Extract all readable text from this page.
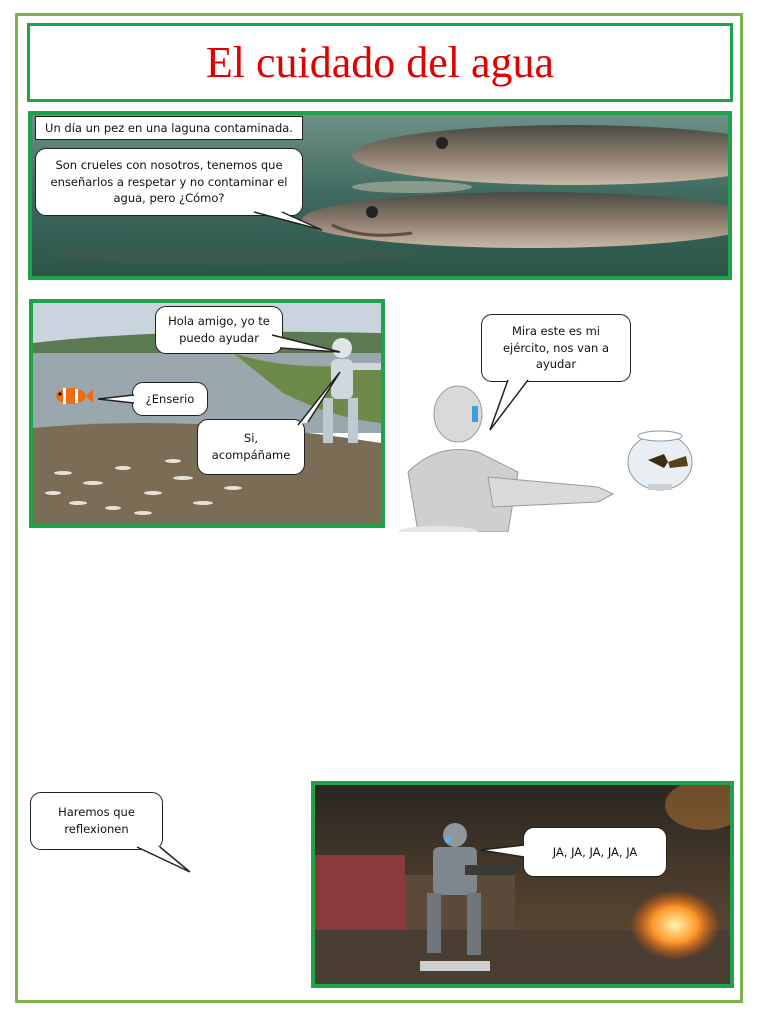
El cuidado del agua
Un día un pez en una laguna contaminada.
Son crueles con nosotros, tenemos que enseñarlos a respetar y no contaminar el agua, pero ¿Cómo?
Hola amigo, yo te puedo ayudar
¿Enserio
Si, acompáñame
Mira este es mi ejército, nos van a ayudar
Haremos que reflexionen
JA, JA, JA, JA, JA
